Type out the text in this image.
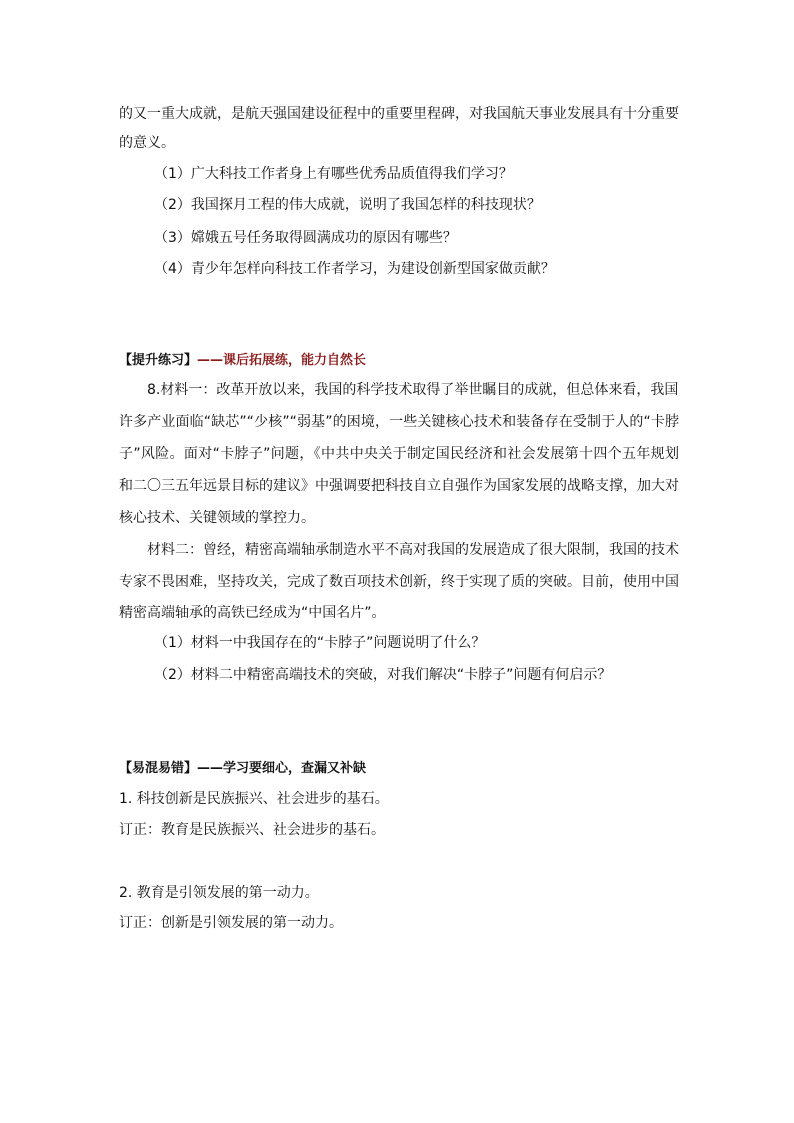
的又一重大成就，是航天强国建设征程中的重要里程碑，对我国航天事业发展具有十分重要
的意义。
（1）广大科技工作者身上有哪些优秀品质值得我们学习？
（2）我国探月工程的伟大成就，说明了我国怎样的科技现状？
（3）嫦娥五号任务取得圆满成功的原因有哪些？
（4）青少年怎样向科技工作者学习，为建设创新型国家做贡献？
【提升练习】——课后拓展练，能力自然长
8.材料一：改革开放以来，我国的科学技术取得了举世瞩目的成就，但总体来看，我国
许多产业面临“缺芯”“少核”“弱基”的困境，一些关键核心技术和装备存在受制于人的“卡脖
子”风险。面对“卡脖子”问题，《中共中央关于制定国民经济和社会发展第十四个五年规划
和二〇三五年远景目标的建议》中强调要把科技自立自强作为国家发展的战略支撑，加大对
核心技术、关键领域的掌控力。
材料二：曾经，精密高端轴承制造水平不高对我国的发展造成了很大限制，我国的技术
专家不畏困难，坚持攻关，完成了数百项技术创新，终于实现了质的突破。目前，使用中国
精密高端轴承的高铁已经成为“中国名片”。
（1）材料一中我国存在的“卡脖子”问题说明了什么？
（2）材料二中精密高端技术的突破，对我们解决“卡脖子”问题有何启示？
【易混易错】——学习要细心，查漏又补缺
1. 科技创新是民族振兴、社会进步的基石。
订正：教育是民族振兴、社会进步的基石。
2. 教育是引领发展的第一动力。
订正：创新是引领发展的第一动力。
